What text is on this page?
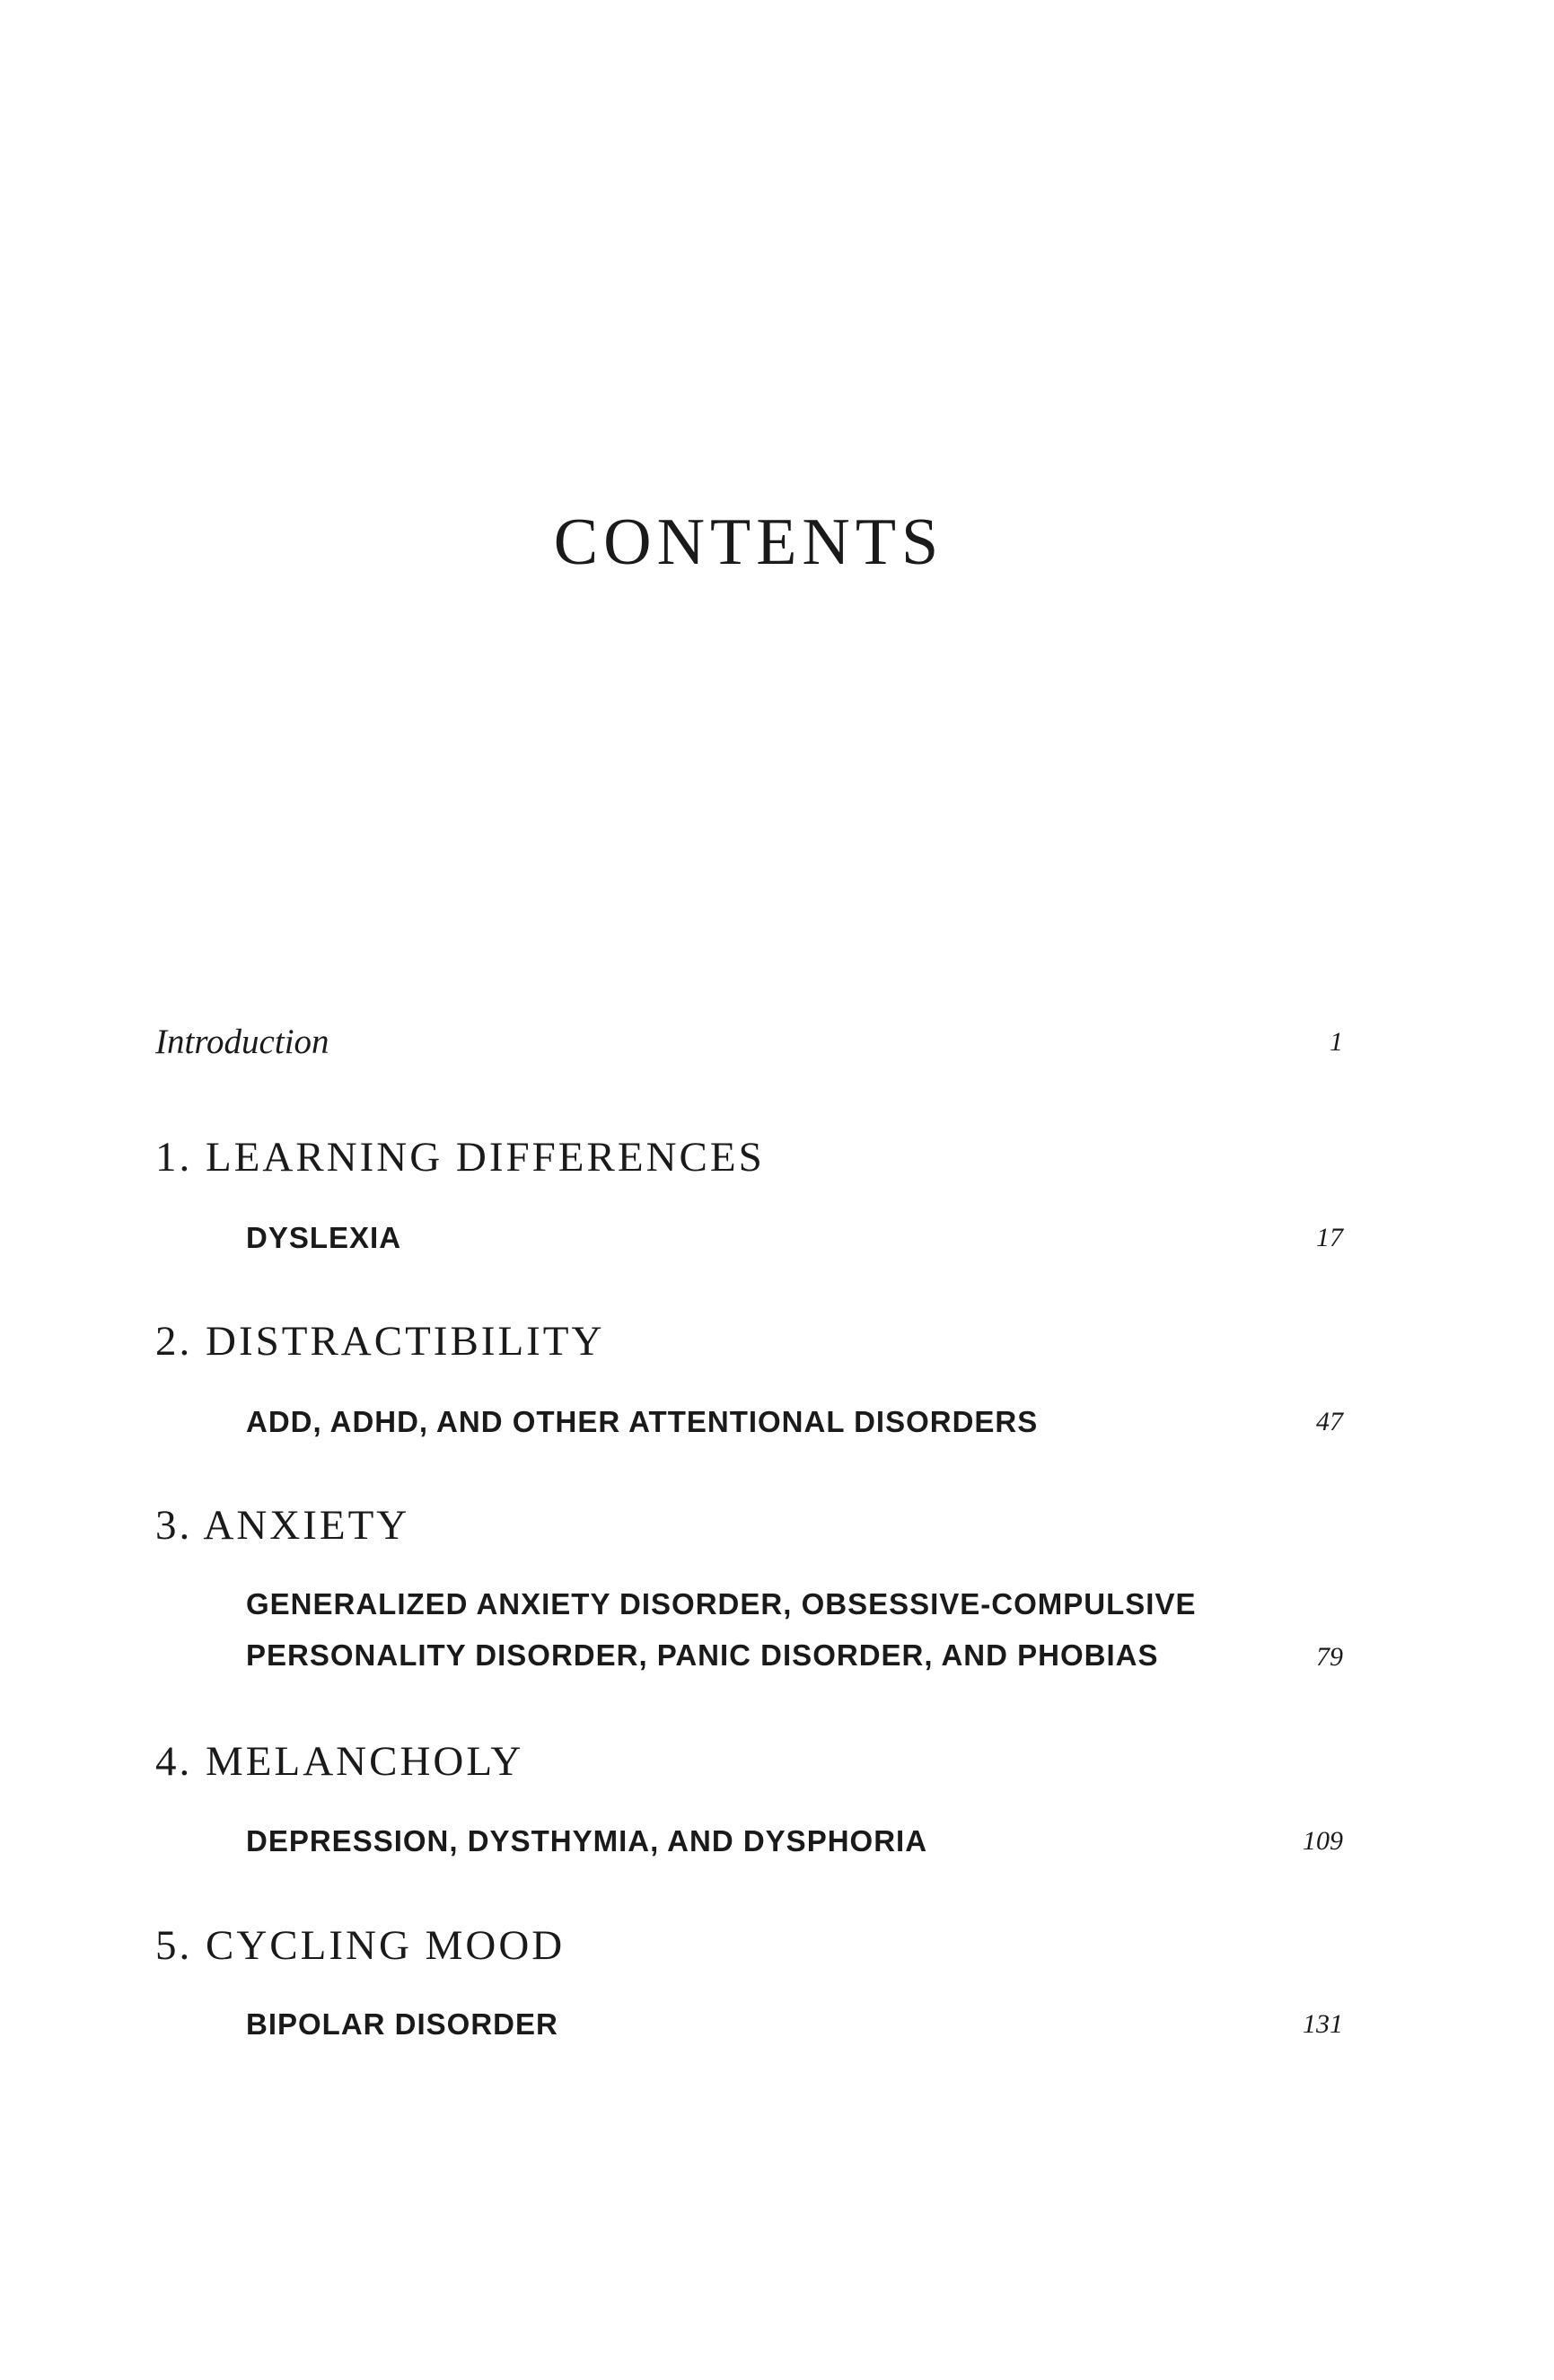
CONTENTS
Introduction	1
1. LEARNING DIFFERENCES
DYSLEXIA	17
2. DISTRACTIBILITY
ADD, ADHD, AND OTHER ATTENTIONAL DISORDERS	47
3. ANXIETY
GENERALIZED ANXIETY DISORDER, OBSESSIVE-COMPULSIVE
PERSONALITY DISORDER, PANIC DISORDER, AND PHOBIAS	79
4. MELANCHOLY
DEPRESSION, DYSTHYMIA, AND DYSPHORIA	109
5. CYCLING MOOD
BIPOLAR DISORDER	131
